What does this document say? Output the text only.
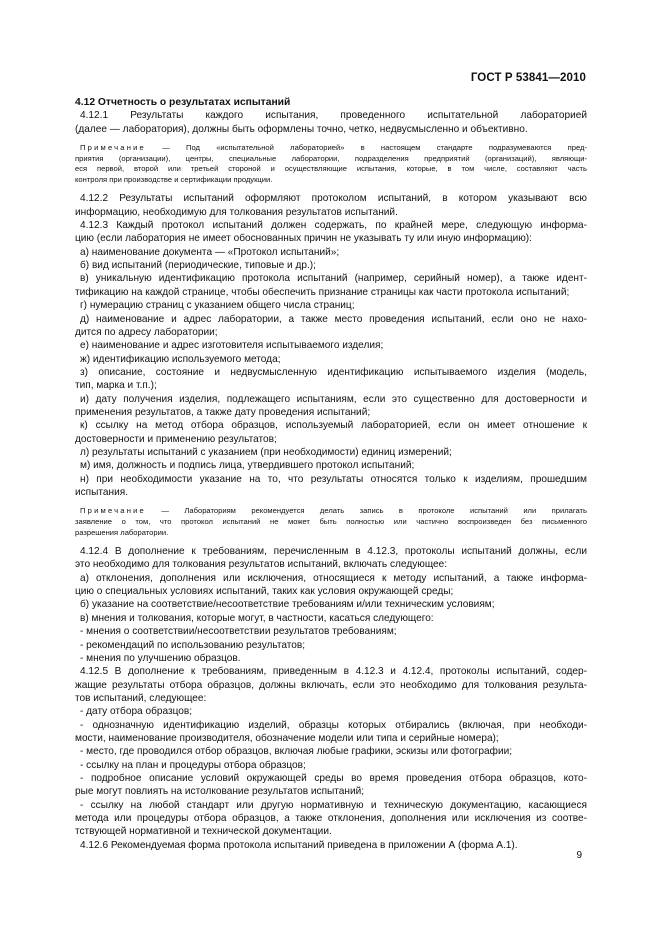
ГОСТ Р 53841—2010

4.12 Отчетность о результатах испытаний

4.12.1 Результаты каждого испытания, проведенного испытательной лабораторией

(далее — лаборатория), должны быть оформлены точно, четко, недвусмысленно и объективно.

Примечание — Под «испытательной лабораторией» в настоящем стандарте подразумеваются пред-

приятия (организации), центры, специальные лаборатории, подразделения предприятий (организаций), являющи-

еся первой, второй или третьей стороной и осуществляющие испытания, которые, в том числе, составляют часть

контроля при производстве и сертификации продукции.

4.12.2 Результаты испытаний оформляют протоколом испытаний, в котором указывают всю

информацию, необходимую для толкования результатов испытаний.

4.12.3 Каждый протокол испытаний должен содержать, по крайней мере, следующую информа-

цию (если лаборатория не имеет обоснованных причин не указывать ту или иную информацию):

а) наименование документа — «Протокол испытаний»;

б) вид испытаний (периодические, типовые и др.);

в) уникальную идентификацию протокола испытаний (например, серийный номер), а также идент-

тификацию на каждой странице, чтобы обеспечить признание страницы как части протокола испытаний;

г) нумерацию страниц с указанием общего числа страниц;

д) наименование и адрес лаборатории, а также место проведения испытаний, если оно не нахо-

дится по адресу лаборатории;

е) наименование и адрес изготовителя испытываемого изделия;

ж) идентификацию используемого метода;

з) описание, состояние и недвусмысленную идентификацию испытываемого изделия (модель,

тип, марка и т.п.);

и) дату получения изделия, подлежащего испытаниям, если это существенно для достоверности и

применения результатов, а также дату проведения испытаний;

к) ссылку на метод отбора образцов, используемый лабораторией, если он имеет отношение к

достоверности и применению результатов;

л) результаты испытаний с указанием (при необходимости) единиц измерений;

м) имя, должность и подпись лица, утвердившего протокол испытаний;

н) при необходимости указание на то, что результаты относятся только к изделиям, прошедшим

испытания.

Примечание — Лабораториям рекомендуется делать запись в протоколе испытаний или прилагать

заявление о том, что протокол испытаний не может быть полностью или частично воспроизведен без письменного

разрешения лаборатории.

4.12.4 В дополнение к требованиям, перечисленным в 4.12.3, протоколы испытаний должны, если

это необходимо для толкования результатов испытаний, включать следующее:

а) отклонения, дополнения или исключения, относящиеся к методу испытаний, а также информа-

цию о специальных условиях испытаний, таких как условия окружающей среды;

б) указание на соответствие/несоответствие требованиям и/или техническим условиям;

в) мнения и толкования, которые могут, в частности, касаться следующего:

- мнения о соответствии/несоответствии результатов требованиям;

- рекомендаций по использованию результатов;

- мнения по улучшению образцов.

4.12.5 В дополнение к требованиям, приведенным в 4.12.3 и 4.12.4, протоколы испытаний, содер-

жащие результаты отбора образцов, должны включать, если это необходимо для толкования результа-

тов испытаний, следующее:

- дату отбора образцов;

- однозначную идентификацию изделий, образцы которых отбирались (включая, при необходи-

мости, наименование производителя, обозначение модели или типа и серийные номера);

- место, где проводился отбор образцов, включая любые графики, эскизы или фотографии;

- ссылку на план и процедуры отбора образцов;

- подробное описание условий окружающей среды во время проведения отбора образцов, кото-

рые могут повлиять на истолкование результатов испытаний;

- ссылку на любой стандарт или другую нормативную и техническую документацию, касающиеся

метода или процедуры отбора образцов, а также отклонения, дополнения или исключения из соотве-

тствующей нормативной и технической документации.

4.12.6 Рекомендуемая форма протокола испытаний приведена в приложении А (форма А.1).

9
